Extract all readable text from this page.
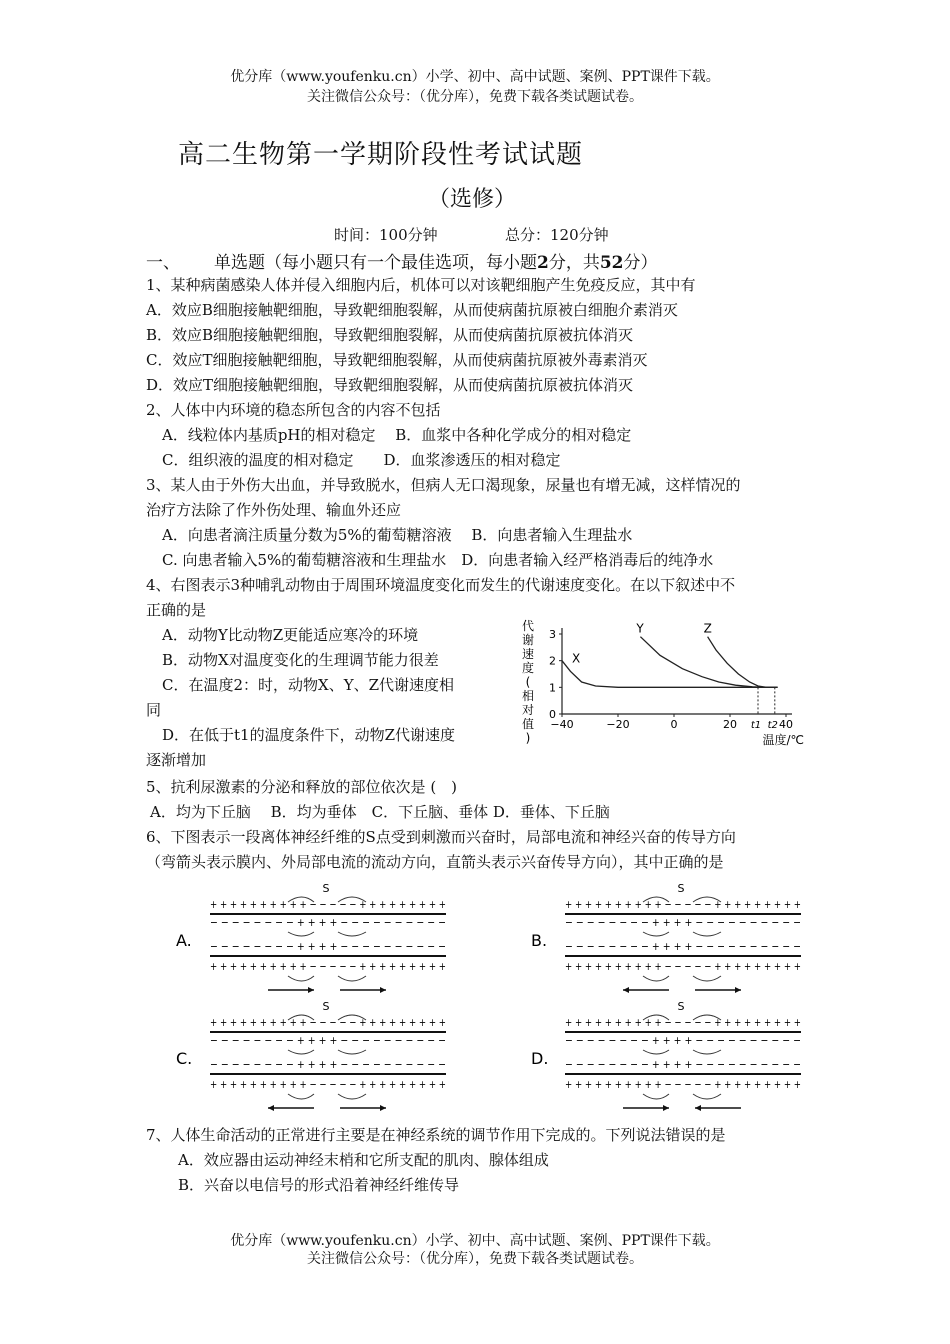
优分库（www.youfenku.cn）小学、初中、高中试题、案例、PPT课件下载。
关注微信公众号：（优分库），免费下载各类试题试卷。
高二生物第一学期阶段性考试试题
（选修）
时间：100分钟	总分：120分钟
一、 单选题（每小题只有一个最佳选项，每小题2分，共52分）
1、某种病菌感染人体并侵入细胞内后，机体可以对该靶细胞产生免疫反应，其中有
A．效应B细胞接触靶细胞，导致靶细胞裂解，从而使病菌抗原被白细胞介素消灭
B．效应B细胞接触靶细胞，导致靶细胞裂解，从而使病菌抗原被抗体消灭
C．效应T细胞接触靶细胞，导致靶细胞裂解，从而使病菌抗原被外毒素消灭
D．效应T细胞接触靶细胞，导致靶细胞裂解，从而使病菌抗原被抗体消灭
2、人体中内环境的稳态所包含的内容不包括
A．线粒体内基质pH的相对稳定　 B．血浆中各种化学成分的相对稳定
C．组织液的温度的相对稳定　　D．血浆渗透压的相对稳定
3、某人由于外伤大出血，并导致脱水，但病人无口渴现象，尿量也有增无减，这样情况的
治疗方法除了作外伤处理、输血外还应
A．向患者滴注质量分数为5%的葡萄糖溶液　 B．向患者输入生理盐水
C. 向患者输入5%的葡萄糖溶液和生理盐水　D．向患者输入经严格消毒后的纯净水
4、右图表示3种哺乳动物由于周围环境温度变化而发生的代谢速度变化。在以下叙述中不
正确的是
A．动物Y比动物Z更能适应寒冷的环境
B．动物X对温度变化的生理调节能力很差
C．在温度2：时，动物X、Y、Z代谢速度相
同
D．在低于t1的温度条件下，动物Z代谢速度
逐渐增加
代
谢
速
度
(
相
对
值
)
0
1
2
3
−40	−20	0	20	40
t1 t2
温度/℃
X
Y	Z
5、抗利尿激素的分泌和释放的部位依次是 (　)
A．均为下丘脑　 B．均为垂体　C．下丘脑、垂体 D．垂体、下丘脑
6、下图表示一段离体神经纤维的S点受到刺激而兴奋时，局部电流和神经兴奋的传导方向
（弯箭头表示膜内、外局部电流的流动方向，直箭头表示兴奋传导方向），其中正确的是
S
+ + + + + + + + + + − − − − − + + + + + + + + +
− − − − − − − − + + + + − − − − − − − − − −
− − − − − − − − + + + + − − − − − − − − − −
+ + + + + + + + + + − − − − − + + + + + + + + +
A.
S
+ + + + + + + + + + − − − − − + + + + + + + + +
− − − − − − − − + + + + − − − − − − − − − −
− − − − − − − − + + + + − − − − − − − − − −
+ + + + + + + + + + − − − − − + + + + + + + + +
B.
S
+ + + + + + + + + + − − − − − + + + + + + + + +
− − − − − − − − + + + + − − − − − − − − − −
− − − − − − − − + + + + − − − − − − − − − −
+ + + + + + + + + + − − − − − + + + + + + + + +
C.
S
+ + + + + + + + + + − − − − − + + + + + + + + +
− − − − − − − − + + + + − − − − − − − − − −
− − − − − − − − + + + + − − − − − − − − − −
+ + + + + + + + + + − − − − − + + + + + + + + +
D.
7、人体生命活动的正常进行主要是在神经系统的调节作用下完成的。下列说法错误的是
A．效应器由运动神经末梢和它所支配的肌肉、腺体组成
B．兴奋以电信号的形式沿着神经纤维传导
优分库（www.youfenku.cn）小学、初中、高中试题、案例、PPT课件下载。
关注微信公众号：（优分库），免费下载各类试题试卷。
